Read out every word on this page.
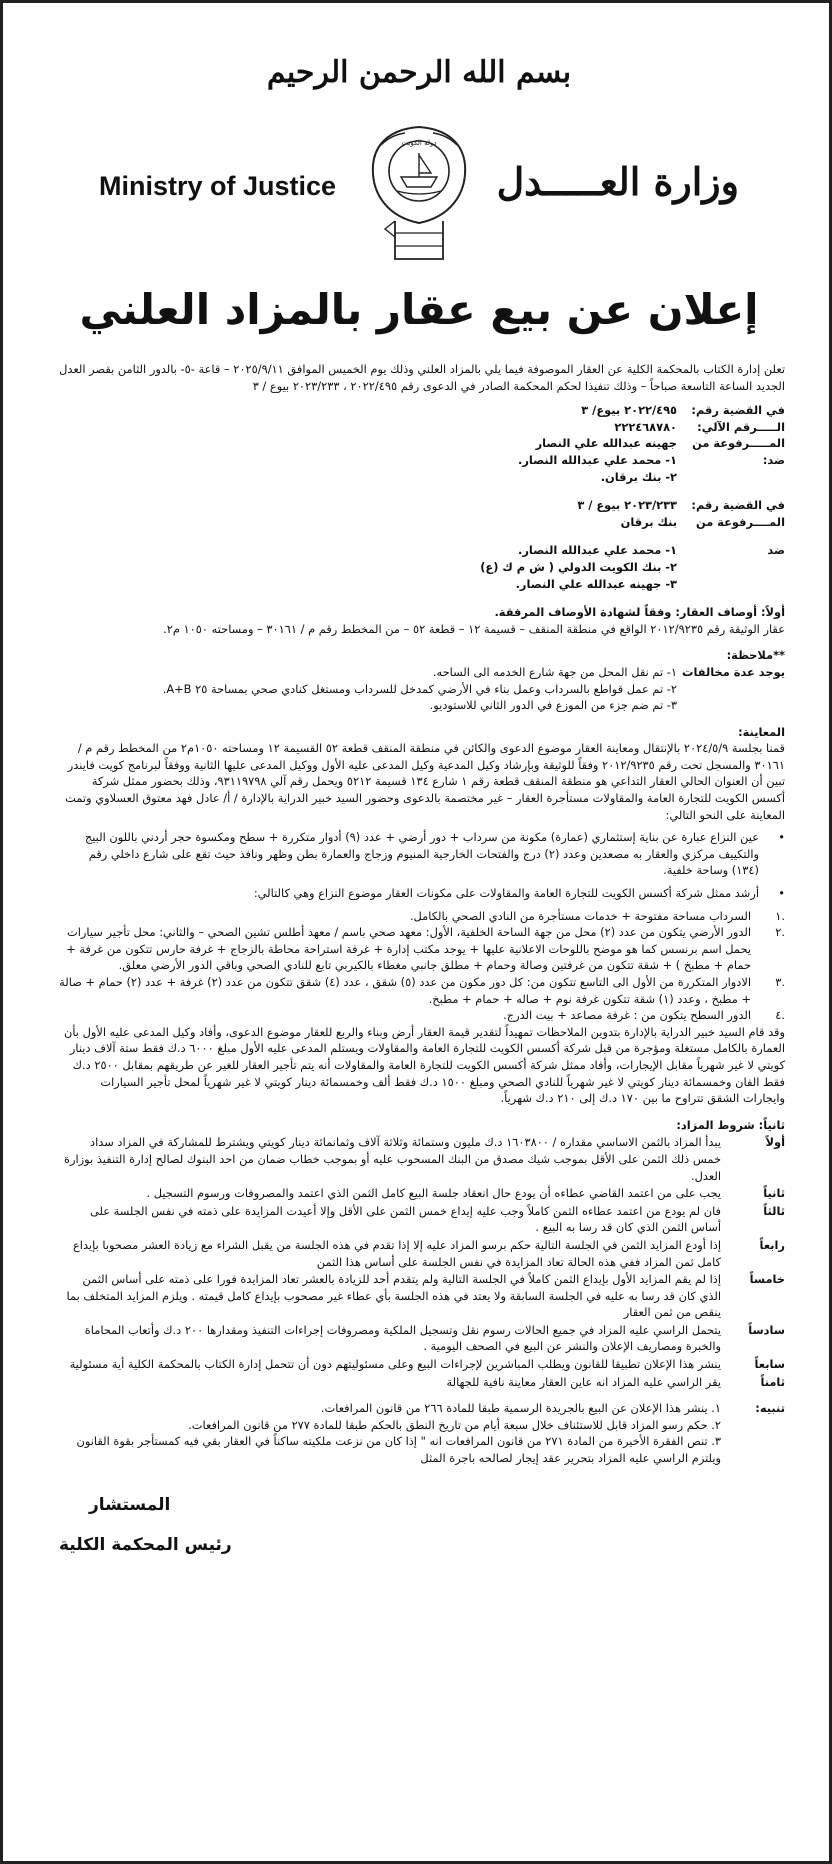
بسم الله الرحمن الرحيم
Ministry of Justice
دولة الكويت
وزارة العـــــدل
إعلان عن بيع عقار بالمزاد العلني

تعلن إدارة الكتاب بالمحكمة الكلية عن العقار الموصوفة فيما يلي بالمزاد العلني وذلك يوم الخميس الموافق ٢٠٢٥/٩/١١ – قاعة -٥- بالدور الثامن بقصر العدل الجديد الساعة التاسعة صباحاً – وذلك تنفيذا لحكم المحكمة الصادر في الدعوى رقم ٢٠٢٢/٤٩٥ ، ٢٠٢٣/٢٣٣ بيوع / ٣

في القضية رقم:
٢٠٢٢/٤٩٥ بيوع/ ٣
الـــــرقم الآلي:
٢٢٢٤٦٨٧٨٠
المـــــرفوعة من
جهينه عبدالله علي النصار
ضد:
١- محمد علي عبدالله النصار.
٢- بنك برقان.
في القضية رقم:
٢٠٢٣/٢٣٣ بيوع / ٣
المــــرفوعة من
بنك برقان
ضد
١- محمد علي عبدالله النصار.
٢- بنك الكويت الدولي ( ش م ك (ع)
٣- جهينه عبدالله علي النصار.
أولاً: أوصاف العقار: وفقاً لشهادة الأوصاف المرفقة.

عقار الوثيقة رقم ٢٠١٢/٩٢٣٥ الواقع في منطقة المنقف – قسيمة ١٢ – قطعة ٥٢ – من المخطط رقم م / ٣٠١٦١ – ومساحته ١٠٥٠ م٢.

**ملاحظة:
يوجد عدة مخالفات
١- تم نقل المحل من جهة شارع الخدمه الى الساحه.
٢- تم عمل قواطع بالسرداب وعمل بناء في الأرضي كمدخل للسرداب ومستغل كنادي صحي بمساحة ٢٥ A+B.
٣- تم ضم جزء من الموزع في الدور الثاني للاستوديو.
المعاينة:

قمنا بجلسة ٢٠٢٤/٥/٩ بالإنتقال ومعاينة العقار موضوع الدعوى والكائن في منطقة المنقف قطعة ٥٢ القسيمة ١٢ ومساحته ١٠٥٠م٢ من المخطط رقم م / ٣٠١٦١ والمسجل تحت رقم ٢٠١٢/٩٢٣٥ وفقاً للوثيقة وبإرشاد وكيل المدعية وكيل المدعى عليه الأول ووكيل المدعى عليها الثانية ووفقاً لبرنامج كويت فايندر تبين أن العنوان الحالي العقار التداعي هو منطقة المنقف قطعة رقم ١ شارع ١٣٤ قسيمة ٥٢١٢ ويحمل رقم آلي ٩٣١١٩٧٩٨، وذلك بحضور ممثل شركة أكسس الكويت للتجارة العامة والمقاولات مستأجرة العقار – غير مختصمة بالدعوى وحضور السيد خبير الدراية بالإدارة / أ/ عادل فهد معتوق العسلاوي وتمت المعاينة على النحو التالي:

•
عين النزاع عبارة عن بناية إستثماري (عمارة) مكونة من سرداب + دور أرضي + عدد (٩) أدوار متكررة + سطح ومكسوة حجر أردني باللون البيج والتكييف مركزي والعقار به مصعدين وعدد (٢) درج والفتحات الخارجية المنيوم وزجاج والعمارة بطن وظهر ونافذ حيث تقع على شارع داخلي رقم (١٣٤) وساحة خلفية.
•
أرشد ممثل شركة أكسس الكويت للتجارة العامة والمقاولات على مكونات العقار موضوع النزاع وهي كالتالي:
.١
السرداب مساحة مفتوحة + خدمات مستأجرة من النادي الصحي بالكامل.
.٢
الدور الأرضي يتكون من عدد (٢) محل من جهة الساحة الخلفية، الأول: معهد صحي باسم / معهد أطلس تشين الصحي – والثاني: محل تأجير سيارات يحمل اسم برنسس كما هو موضح باللوحات الاعلانية عليها + يوجد مكتب إدارة + غرفة استراحة محاطة بالزجاج + غرفة حارس تتكون من غرفة + حمام + مطبخ ) + شقة تتكون من غرفتين وصالة وحمام + مطلق جانبي مغطاء بالكيربي تابع للنادي الصحي وباقي الدور الأرضي معلق.
.٣
الادوار المتكررة من الأول الى التاسع تتكون من: كل دور مكون من عدد (٥) شقق ، عدد (٤) شقق تتكون من عدد (٢) غرفة + عدد (٢) حمام + صالة + مطبخ ، وعدد (١) شقة تتكون غرفة نوم + صاله + حمام + مطبخ.
.٤
الدور السطح يتكون من : غرفة مصاعد + بيت الدرج.

وقد قام السيد خبير الدراية بالإدارة بتدوين الملاحظات تمهيداً لتقدير قيمة العقار أرض وبناء والربع للعقار موضوع الدعوى، وأفاد وكيل المدعى عليه الأول بأن العمارة بالكامل مستغلة ومؤجرة من قبل شركة أكسس الكويت للتجارة العامة والمقاولات ويستلم المدعى عليه الأول مبلغ ٦٠٠٠ د.ك فقط ستة آلاف دينار كويتي لا غير شهرياً مقابل الإيجارات، وأفاد ممثل شركة أكسس الكويت للتجارة العامة والمقاولات أنه يتم تأجير العقار للغير عن طريقهم بمقابل ٢٥٠٠ د.ك فقط الفان وخمسمائة دينار كويتي لا غير شهرياً للنادي الصحي ومبلغ ١٥٠٠ د.ك فقط ألف وخمسمائة دينار كويتي لا غير شهرياً لمحل تأجير السيارات وايجارات الشقق تتراوح ما بين ١٧٠ د.ك إلى ٢١٠ د.ك شهرياً.

ثانياً: شروط المزاد:
أولاً
يبدأ المزاد بالثمن الاساسي مقداره / ١٦٠٣٨٠٠ د.ك مليون وستمائة وثلاثة آلاف وثمانمائة دينار كويتي ويشترط للمشاركة في المزاد سداد خمس ذلك الثمن على الأقل بموجب شيك مصدق من البنك المسحوب عليه أو بموجب خطاب ضمان من احد البنوك لصالح إدارة التنفيذ بوزارة العدل.
ثانياً
يجب على من اعتمد القاضي عطاءه أن يودع حال انعقاد جلسة البيع كامل الثمن الذي اعتمد والمصروفات ورسوم التسجيل .
ثالثاً
فان لم يودع من اعتمد عطاءه الثمن كاملاً وجب عليه إيداع خمس الثمن على الأقل وإلا أعيدت المزايدة على ذمته في نفس الجلسة على أساس الثمن الذي كان قد رسا به البيع .
رابعاً
إذا أودع المزايد الثمن في الجلسة التالية حكم برسو المزاد عليه إلا إذا تقدم في هذه الجلسة من يقبل الشراء مع زيادة العشر مصحوبا بإيداع كامل ثمن المزاد ففي هذه الحالة تعاد المزايدة في نفس الجلسة على أساس هذا الثمن
خامساً
إذا لم يقم المزايد الأول بإيداع الثمن كاملاً في الجلسة التالية ولم يتقدم أحد للزيادة بالعشر تعاد المزايدة فورا على ذمته على أساس الثمن الذي كان قد رسا به عليه في الجلسة السابقة ولا يعتد في هذه الجلسة بأي عطاء غير مصحوب بإيداع كامل قيمته . ويلزم المزايد المتخلف بما ينقص من ثمن العقار
سادساً
يتحمل الراسي عليه المزاد في جميع الحالات رسوم نقل وتسجيل الملكية ومصروفات إجراءات التنفيذ ومقدارها ٢٠٠ د.ك وأتعاب المحاماة والخبرة ومصاريف الإعلان والنشر عن البيع في الصحف اليومية .
سابعاً
ينشر هذا الإعلان تطبيقا للقانون ويطلب المباشرين لإجراءات البيع وعلى مسئوليتهم دون أن تتحمل إدارة الكتاب بالمحكمة الكلية أية مسئولية
ثامناً
يقر الراسي عليه المزاد انه عاين العقار معاينة نافية للجهالة
تنبيه:
١. ينشر هذا الإعلان عن البيع بالجريدة الرسمية طبقا للمادة ٢٦٦ من قانون المرافعات.
٢. حكم رسو المزاد قابل للاستئناف خلال سبعة أيام من تاريخ النطق بالحكم طبقا للمادة ٢٧٧ من قانون المرافعات.
٣. تنص الفقرة الأخيرة من المادة ٢٧١ من قانون المرافعات انه " إذا كان من نزعت ملكيته ساكناً في العقار بقي فيه كمستأجر بقوة القانون ويلتزم الراسي عليه المزاد بتحرير عقد إيجار لصالحه باجرة المثل
المستشار
رئيس المحكمة الكلية
